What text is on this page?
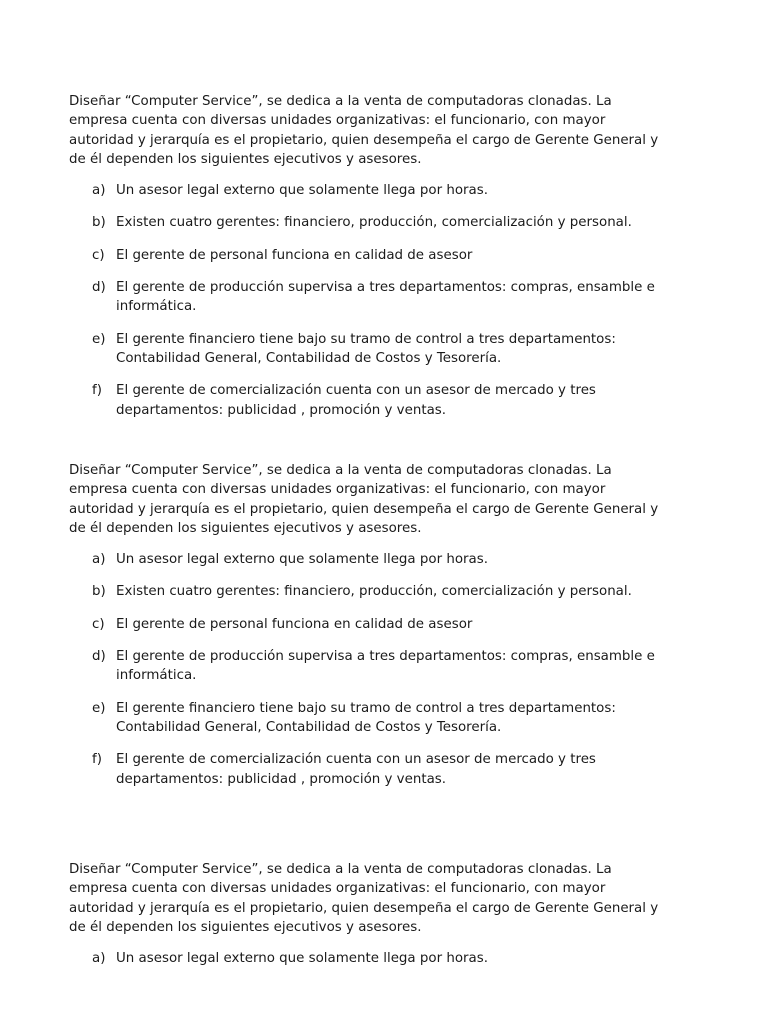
Diseñar “Computer Service”, se dedica a la venta de computadoras clonadas. La
empresa cuenta con diversas unidades organizativas: el funcionario, con mayor
autoridad y jerarquía es el propietario, quien desempeña el cargo de Gerente General y
de él dependen los siguientes ejecutivos y asesores.

a) Un asesor legal externo que solamente llega por horas.
b) Existen cuatro gerentes: financiero, producción, comercialización y personal.
c) El gerente de personal funciona en calidad de asesor
d) El gerente de producción supervisa a tres departamentos: compras, ensamble e
informática.
e) El gerente financiero tiene bajo su tramo de control a tres departamentos:
Contabilidad General, Contabilidad de Costos y Tesorería.
f) El gerente de comercialización cuenta con un asesor de mercado y tres
departamentos: publicidad , promoción y ventas.

Diseñar “Computer Service”, se dedica a la venta de computadoras clonadas. La
empresa cuenta con diversas unidades organizativas: el funcionario, con mayor
autoridad y jerarquía es el propietario, quien desempeña el cargo de Gerente General y
de él dependen los siguientes ejecutivos y asesores.

a) Un asesor legal externo que solamente llega por horas.
b) Existen cuatro gerentes: financiero, producción, comercialización y personal.
c) El gerente de personal funciona en calidad de asesor
d) El gerente de producción supervisa a tres departamentos: compras, ensamble e
informática.
e) El gerente financiero tiene bajo su tramo de control a tres departamentos:
Contabilidad General, Contabilidad de Costos y Tesorería.
f) El gerente de comercialización cuenta con un asesor de mercado y tres
departamentos: publicidad , promoción y ventas.

Diseñar “Computer Service”, se dedica a la venta de computadoras clonadas. La
empresa cuenta con diversas unidades organizativas: el funcionario, con mayor
autoridad y jerarquía es el propietario, quien desempeña el cargo de Gerente General y
de él dependen los siguientes ejecutivos y asesores.

a) Un asesor legal externo que solamente llega por horas.
